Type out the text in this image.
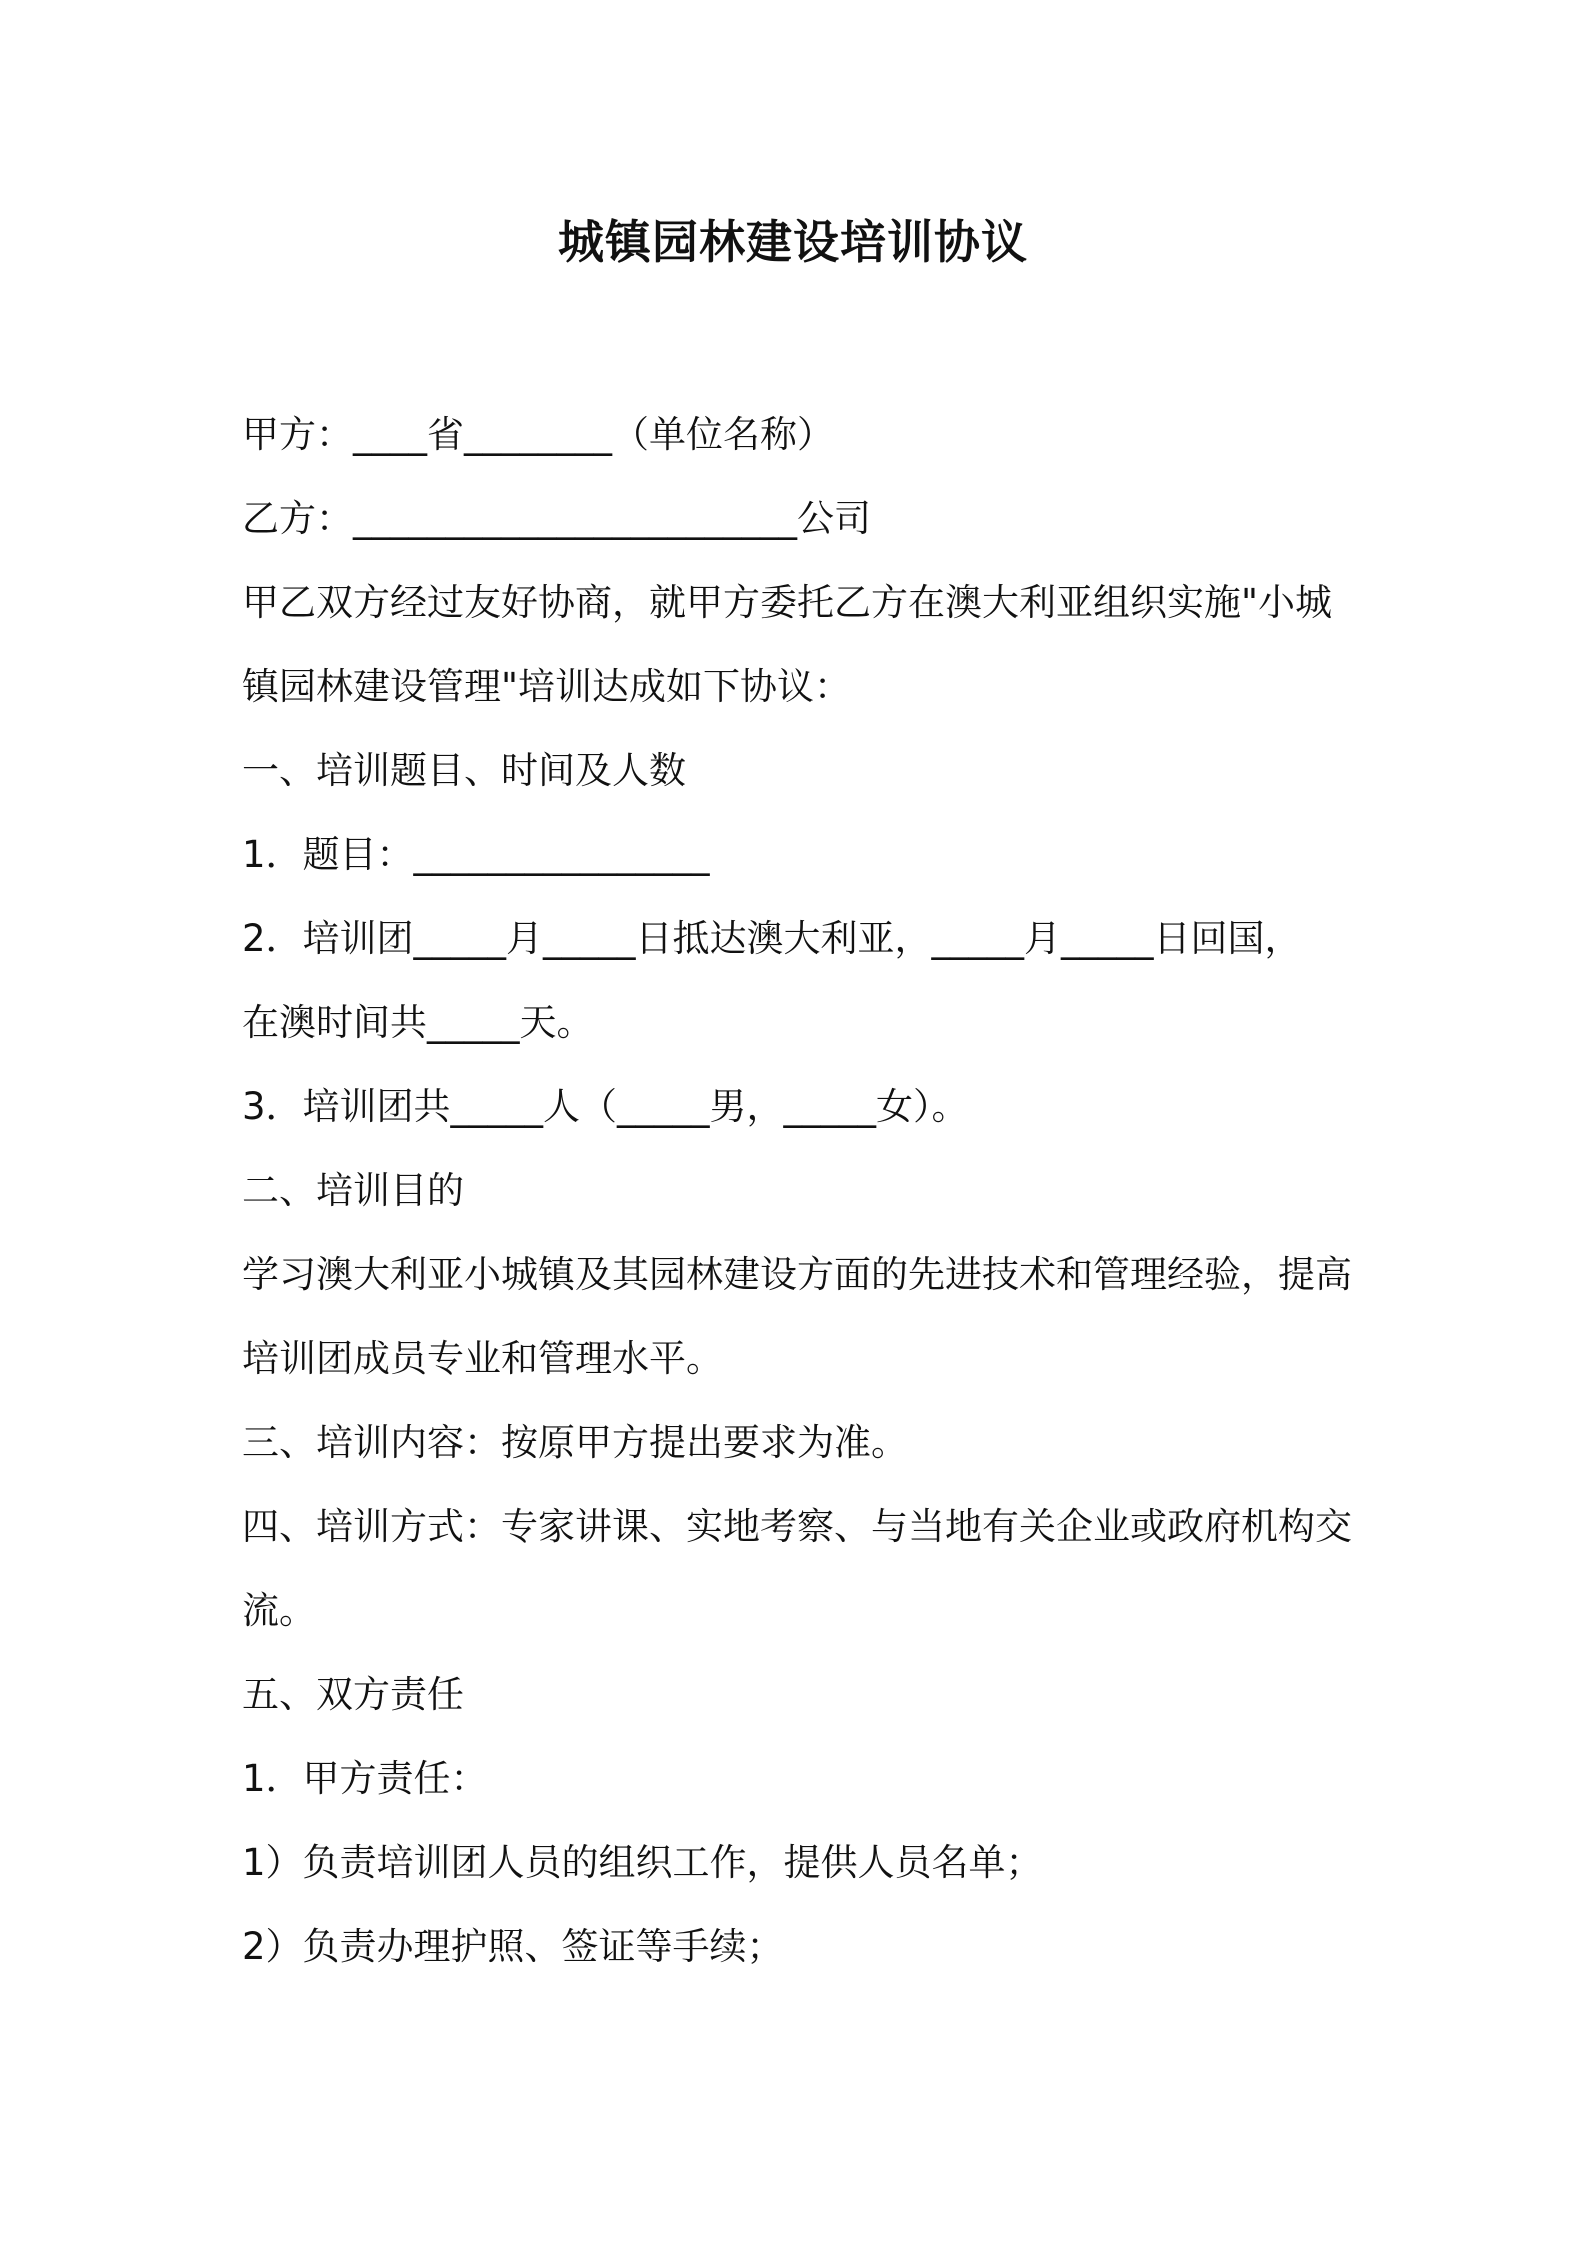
城镇园林建设培训协议
甲方：____省________（单位名称）
乙方：________________________公司
甲乙双方经过友好协商，就甲方委托乙方在澳大利亚组织实施"小城
镇园林建设管理"培训达成如下协议：
一、培训题目、时间及人数
1．题目：________________
2．培训团_____月_____日抵达澳大利亚，_____月_____日回国，
在澳时间共_____天。
3．培训团共_____人（_____男，_____女）。
二、培训目的
学习澳大利亚小城镇及其园林建设方面的先进技术和管理经验，提高
培训团成员专业和管理水平。
三、培训内容：按原甲方提出要求为准。
四、培训方式：专家讲课、实地考察、与当地有关企业或政府机构交
流。
五、双方责任
1．甲方责任：
1）负责培训团人员的组织工作，提供人员名单；
2）负责办理护照、签证等手续；
